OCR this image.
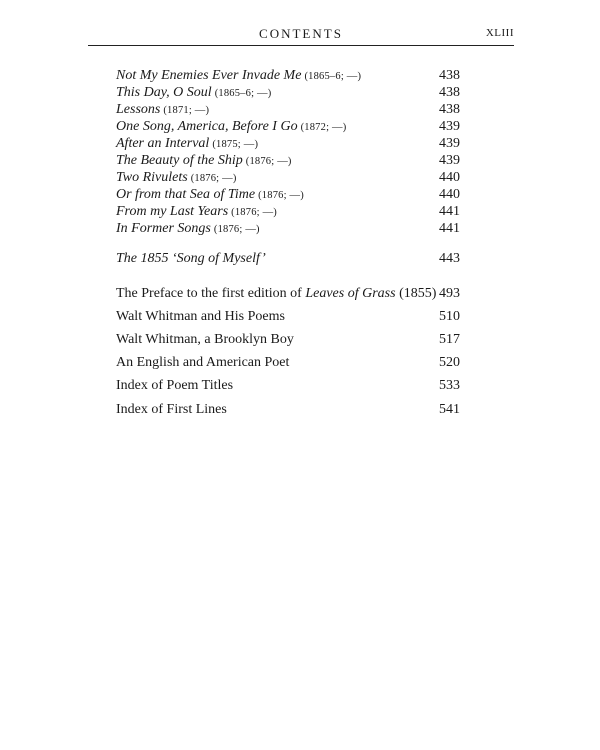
CONTENTS	XLIII
Not My Enemies Ever Invade Me (1865–6; —)	438
This Day, O Soul (1865–6; —)	438
Lessons (1871; —)	438
One Song, America, Before I Go (1872; —)	439
After an Interval (1875; —)	439
The Beauty of the Ship (1876; —)	439
Two Rivulets (1876; —)	440
Or from that Sea of Time (1876; —)	440
From my Last Years (1876; —)	441
In Former Songs (1876; —)	441
The 1855 ‘Song of Myself’	443
The Preface to the first edition of Leaves of Grass (1855) 493
Walt Whitman and His Poems	510
Walt Whitman, a Brooklyn Boy	517
An English and American Poet	520
Index of Poem Titles	533
Index of First Lines	541
